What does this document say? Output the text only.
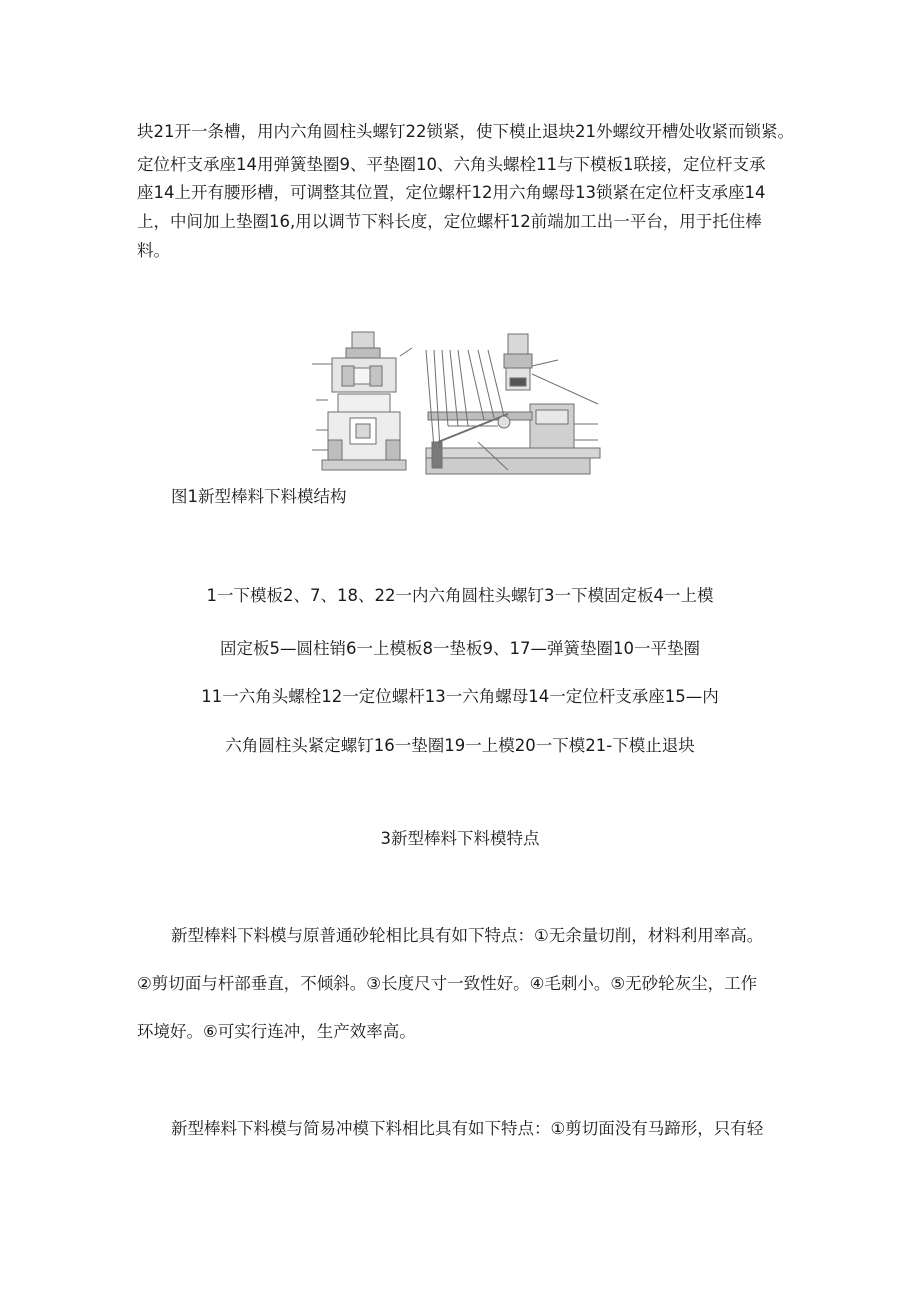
块21开一条槽，用内六角圆柱头螺钉22锁紧，使下模止退块21外螺纹开槽处收紧而锁紧。
定位杆支承座14用弹簧垫圈9、平垫圈10、六角头螺栓11与下模板1联接，定位杆支承
座14上开有腰形槽，可调整其位置，定位螺杆12用六角螺母13锁紧在定位杆支承座14
上，中间加上垫圈16,用以调节下料长度，定位螺杆12前端加工出一平台，用于托住棒
料。
图1新型棒料下料模结构
1一下模板2、7、18、22一内六角圆柱头螺钉3一下模固定板4一上模
固定板5—圆柱销6一上模板8一垫板9、17—弹簧垫圈10一平垫圈
11一六角头螺栓12一定位螺杆13一六角螺母14一定位杆支承座15—内
六角圆柱头紧定螺钉16一垫圈19一上模20一下模21-下模止退块
3新型棒料下料模特点
新型棒料下料模与原普通砂轮相比具有如下特点：①无余量切削，材料利用率高。
②剪切面与杆部垂直，不倾斜。③长度尺寸一致性好。④毛刺小。⑤无砂轮灰尘，工作
环境好。⑥可实行连冲，生产效率高。
新型棒料下料模与简易冲模下料相比具有如下特点：①剪切面没有马蹄形，只有轻
